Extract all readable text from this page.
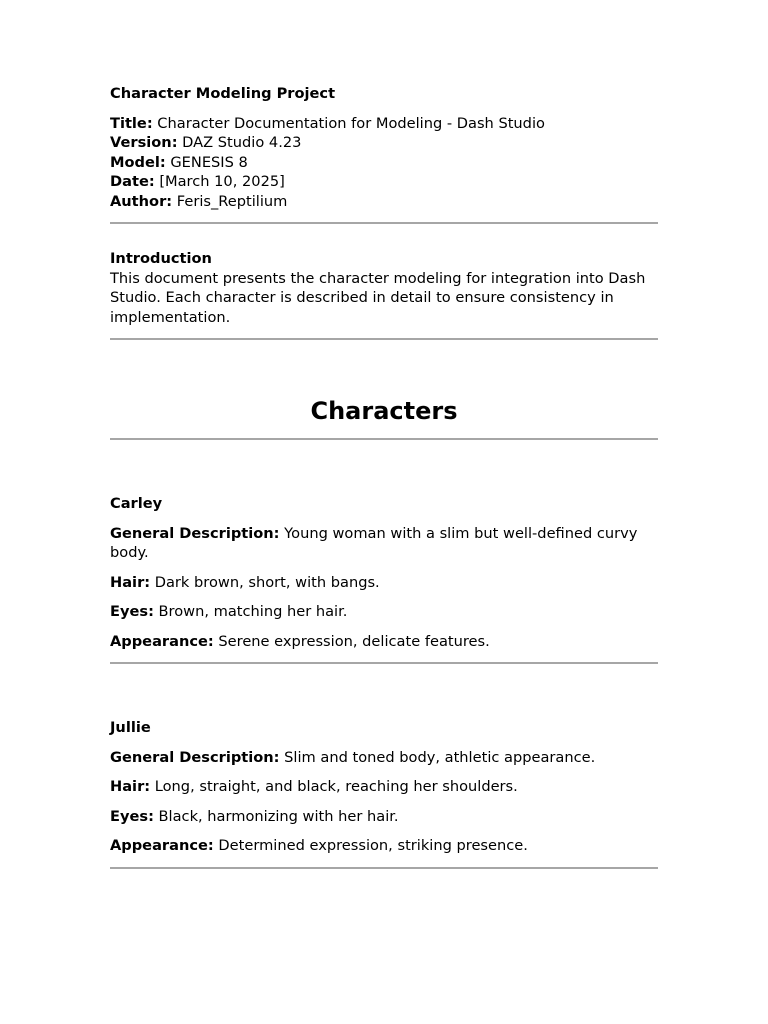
Character Modeling Project
Title: Character Documentation for Modeling - Dash Studio
Version: DAZ Studio 4.23
Model: GENESIS 8
Date: [March 10, 2025]
Author: Feris_Reptilium
Introduction
This document presents the character modeling for integration into Dash Studio. Each character is described in detail to ensure consistency in implementation.
Characters
Carley
General Description: Young woman with a slim but well-defined curvy body.
Hair: Dark brown, short, with bangs.
Eyes: Brown, matching her hair.
Appearance: Serene expression, delicate features.
Jullie
General Description: Slim and toned body, athletic appearance.
Hair: Long, straight, and black, reaching her shoulders.
Eyes: Black, harmonizing with her hair.
Appearance: Determined expression, striking presence.
